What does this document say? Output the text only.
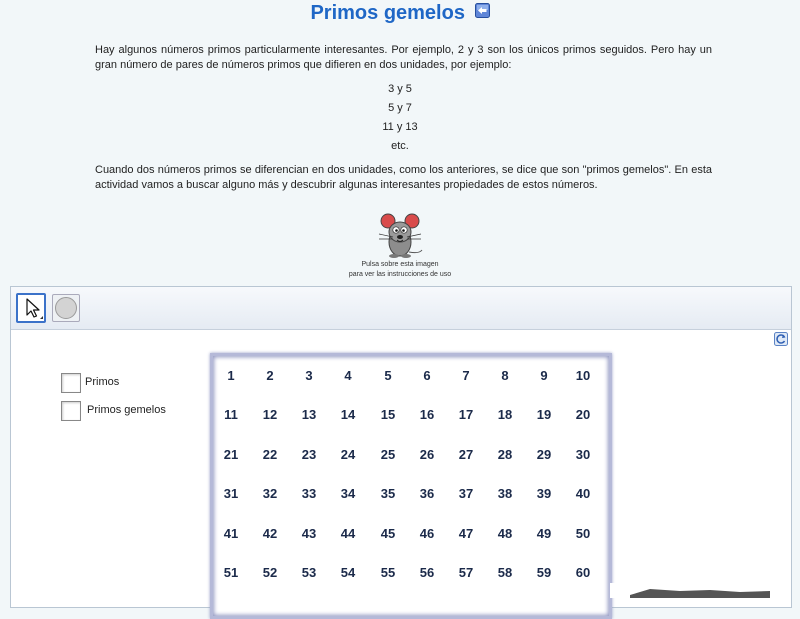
Primos gemelos
Hay algunos números primos particularmente interesantes. Por ejemplo, 2 y 3 son los únicos primos seguidos. Pero hay un gran número de pares de números primos que difieren en dos unidades, por ejemplo:
3 y 5
5 y 7
11 y 13
etc.
Cuando dos números primos se diferencian en dos unidades, como los anteriores, se dice que son "primos gemelos". En esta actividad vamos a buscar alguno más y descubrir algunas interesantes propiedades de estos números.
Pulsa sobre esta imagen
para ver las instrucciones de uso
Primos
Primos gemelos
1	2	3	4	5	6	7	8	9	10
11	12	13	14	15	16	17	18	19	20
21	22	23	24	25	26	27	28	29	30
31	32	33	34	35	36	37	38	39	40
41	42	43	44	45	46	47	48	49	50
51	52	53	54	55	56	57	58	59	60
